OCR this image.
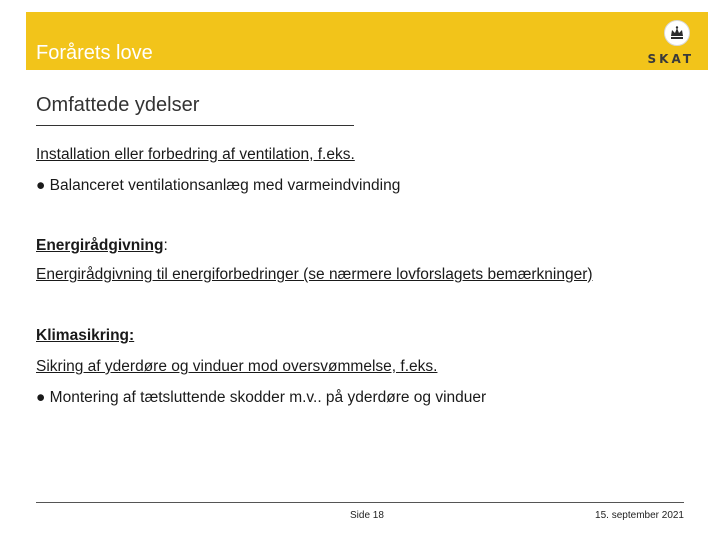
Forårets love	SKAT
Omfattede ydelser
Installation eller forbedring af ventilation, f.eks.
● Balanceret ventilationsanlæg med varmeindvinding
Energirådgivning:
Energirådgivning til energiforbedringer (se nærmere lovforslagets bemærkninger)
Klimasikring:
Sikring af yderdøre og vinduer mod oversvømmelse, f.eks.
● Montering af tætsluttende skodder m.v.. på yderdøre og vinduer
Side 18	15. september 2021
